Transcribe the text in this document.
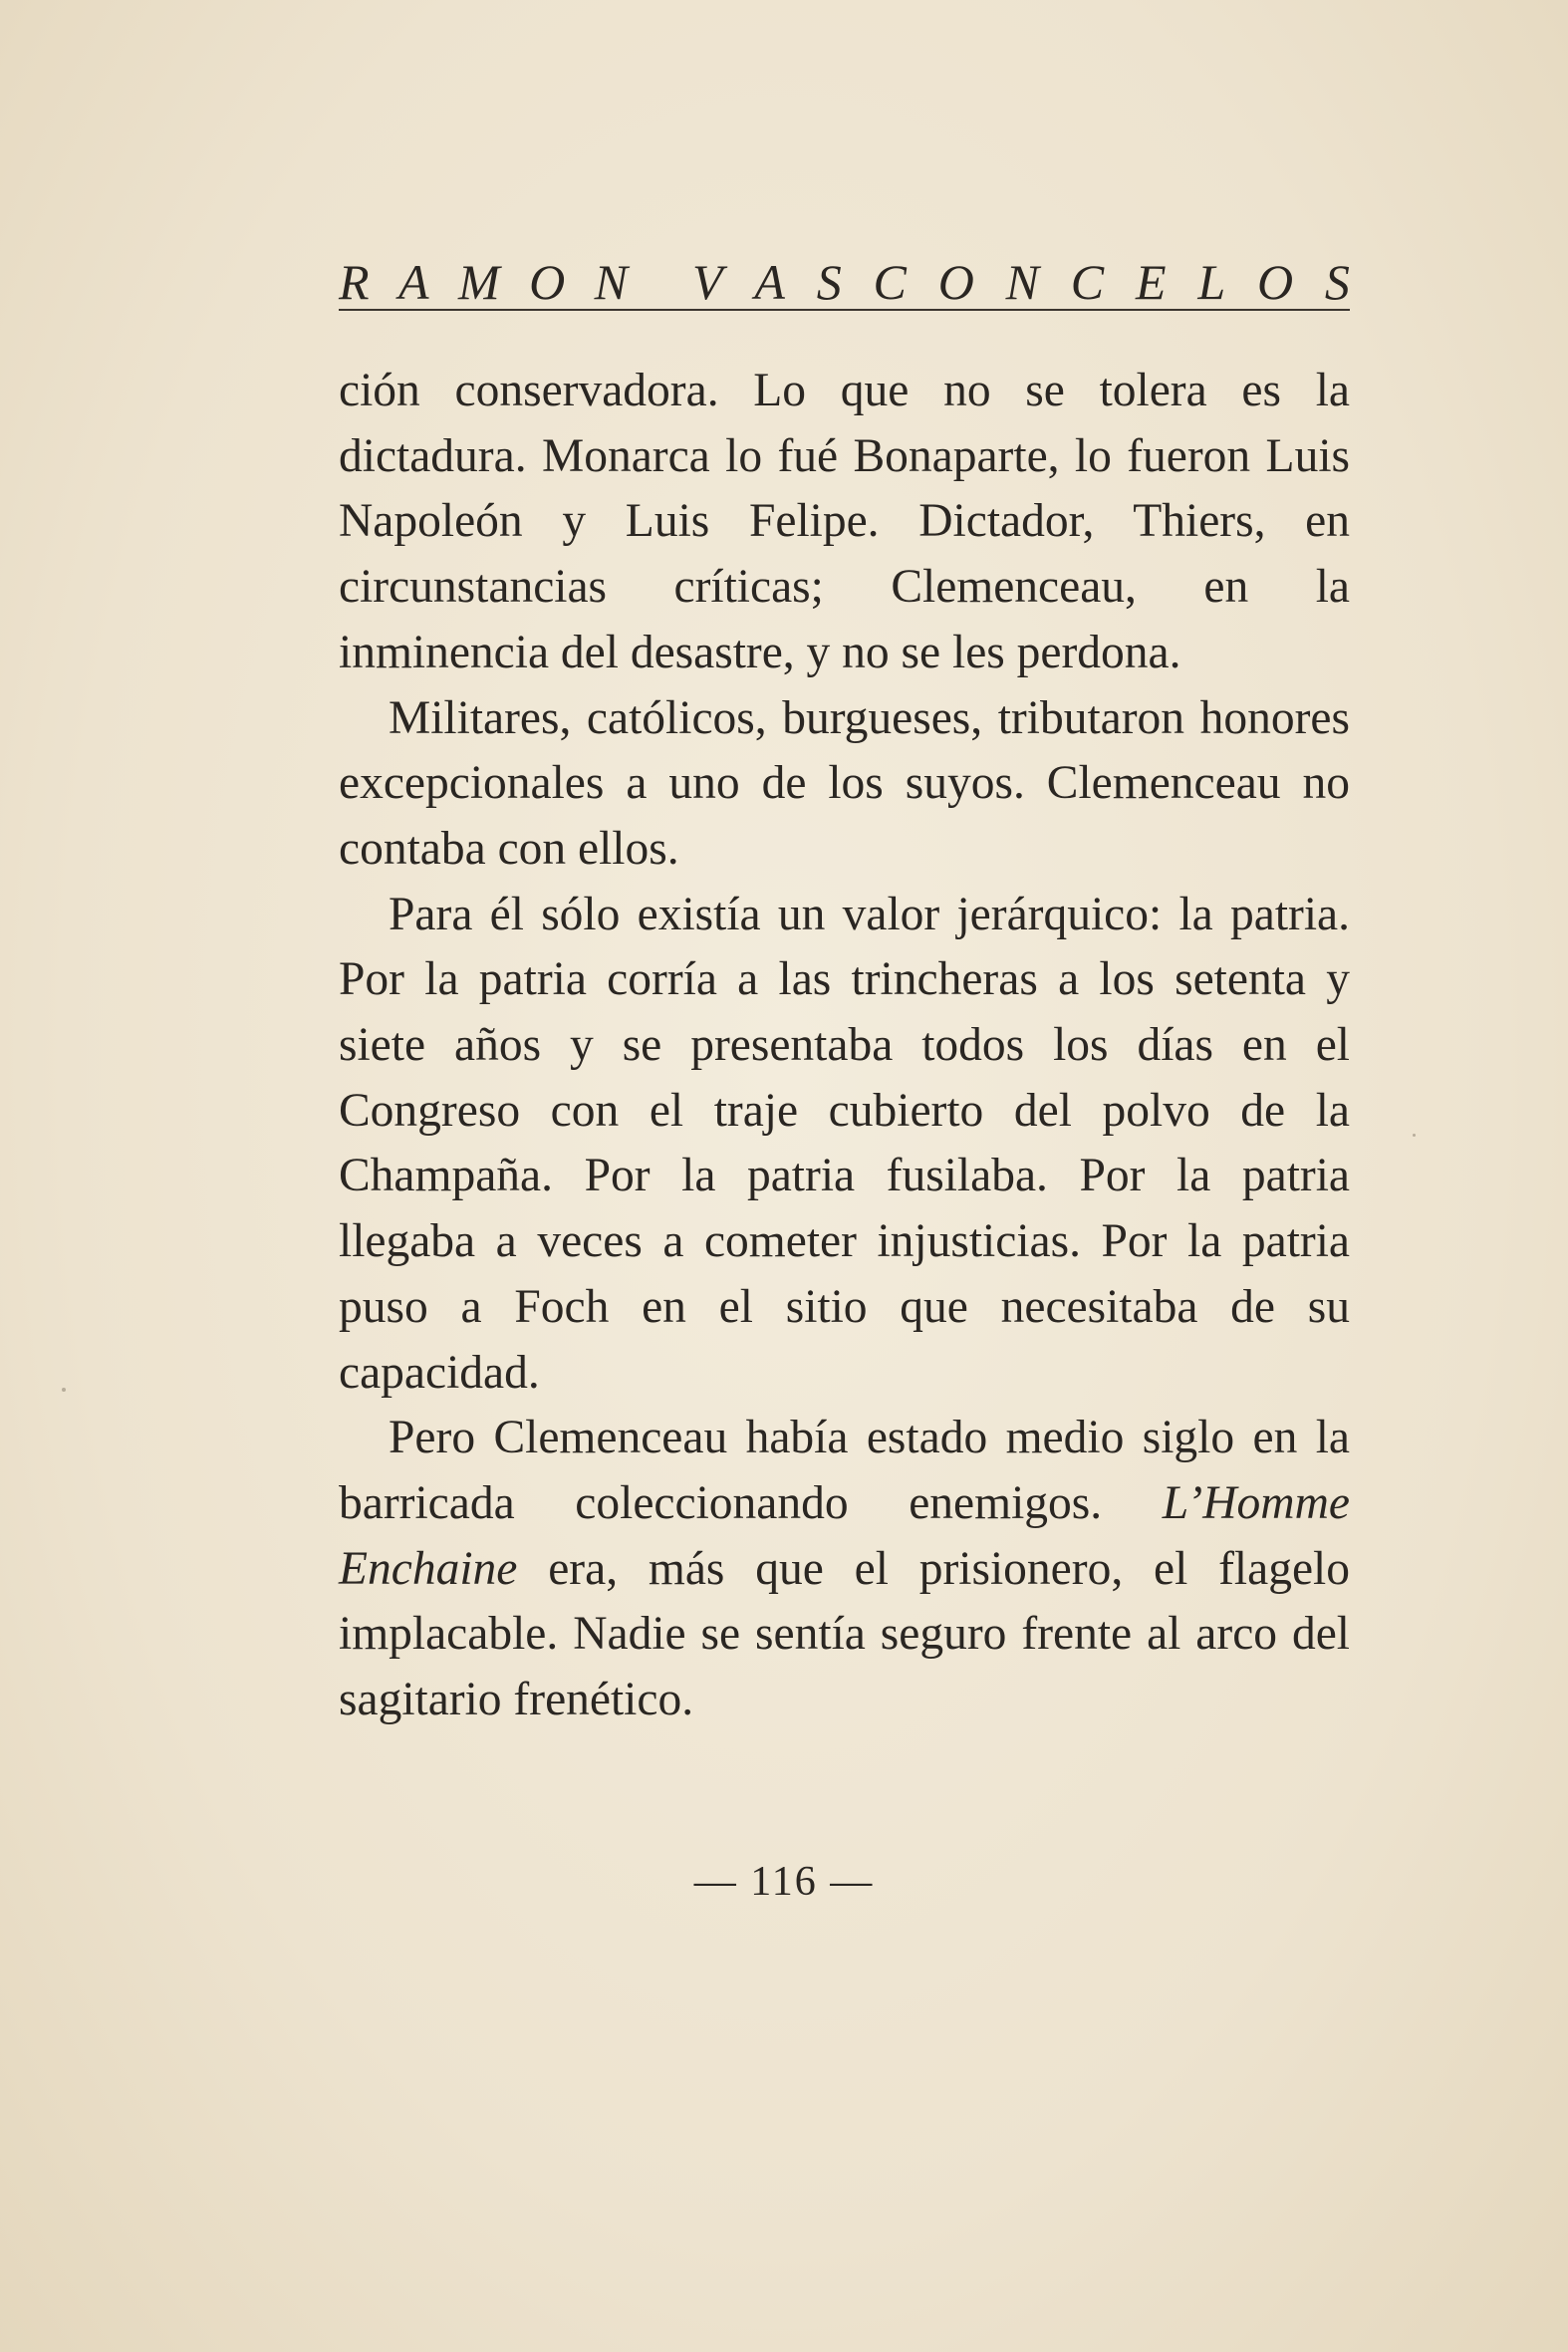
R A M O N V A S C O N C E L O S

ción conservadora. Lo que no se tolera es la dictadura. Monarca lo fué Bonaparte, lo fueron Luis Napoleón y Luis Felipe. Dictador, Thiers, en circunstancias críticas; Clemenceau, en la inminencia del desastre, y no se les perdona.

Militares, católicos, burgueses, tributaron honores excepcionales a uno de los suyos. Clemenceau no contaba con ellos.

Para él sólo existía un valor jerárquico: la patria. Por la patria corría a las trincheras a los setenta y siete años y se presentaba todos los días en el Congreso con el traje cubierto del polvo de la Champaña. Por la patria fusilaba. Por la patria llegaba a veces a cometer injusticias. Por la patria puso a Foch en el sitio que necesitaba de su capacidad.

Pero Clemenceau había estado medio siglo en la barricada coleccionando enemigos. L’Homme Enchaine era, más que el prisionero, el flagelo implacable. Nadie se sentía seguro frente al arco del sagitario frenético.

— 116 —
